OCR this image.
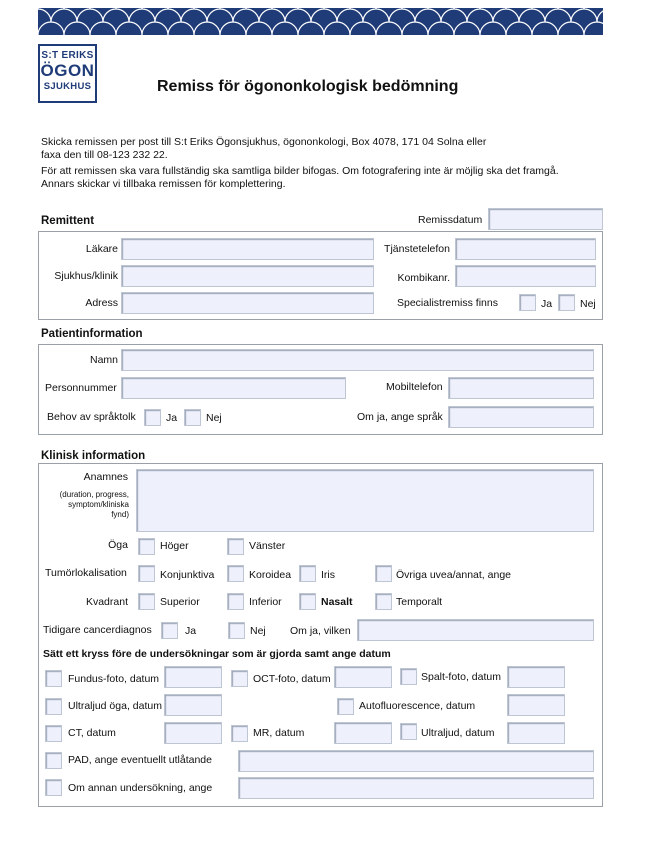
S:T ERIKS
ÖGON
SJUKHUS	Remiss för ögononkologisk bedömning
Skicka remissen per post till S:t Eriks Ögonsjukhus, ögononkologi, Box 4078, 171 04 Solna eller
faxa den till 08-123 232 22.
För att remissen ska vara fullständig ska samtliga bilder bifogas. Om fotografering inte är möjlig ska det framgå.
Annars skickar vi tillbaka remissen för komplettering.
Remittent	Remissdatum
Läkare	Tjänstetelefon
Sjukhus/klinik	Kombikanr.
Adress	Specialistremiss finns	Ja	Nej
Patientinformation
Namn
Personnummer	Mobiltelefon
Behov av språktolk	Ja	Nej	Om ja, ange språk
Klinisk information
Anamnes
(duration, progress,
symptom/kliniska
fynd)
Öga	Höger	Vänster
Tumörlokalisation	Konjunktiva	Koroidea	Iris	Övriga uvea/annat, ange
Kvadrant	Superior	Inferior	Nasalt	Temporalt
Tidigare cancerdiagnos	Ja	Nej Om ja, vilken
Sätt ett kryss före de undersökningar som är gjorda samt ange datum
Fundus-foto, datum	OCT-foto, datum	Spalt-foto, datum
Ultraljud öga, datum	Autofluorescence, datum
CT, datum	MR, datum	Ultraljud, datum
PAD, ange eventuellt utlåtande
Om annan undersökning, ange
